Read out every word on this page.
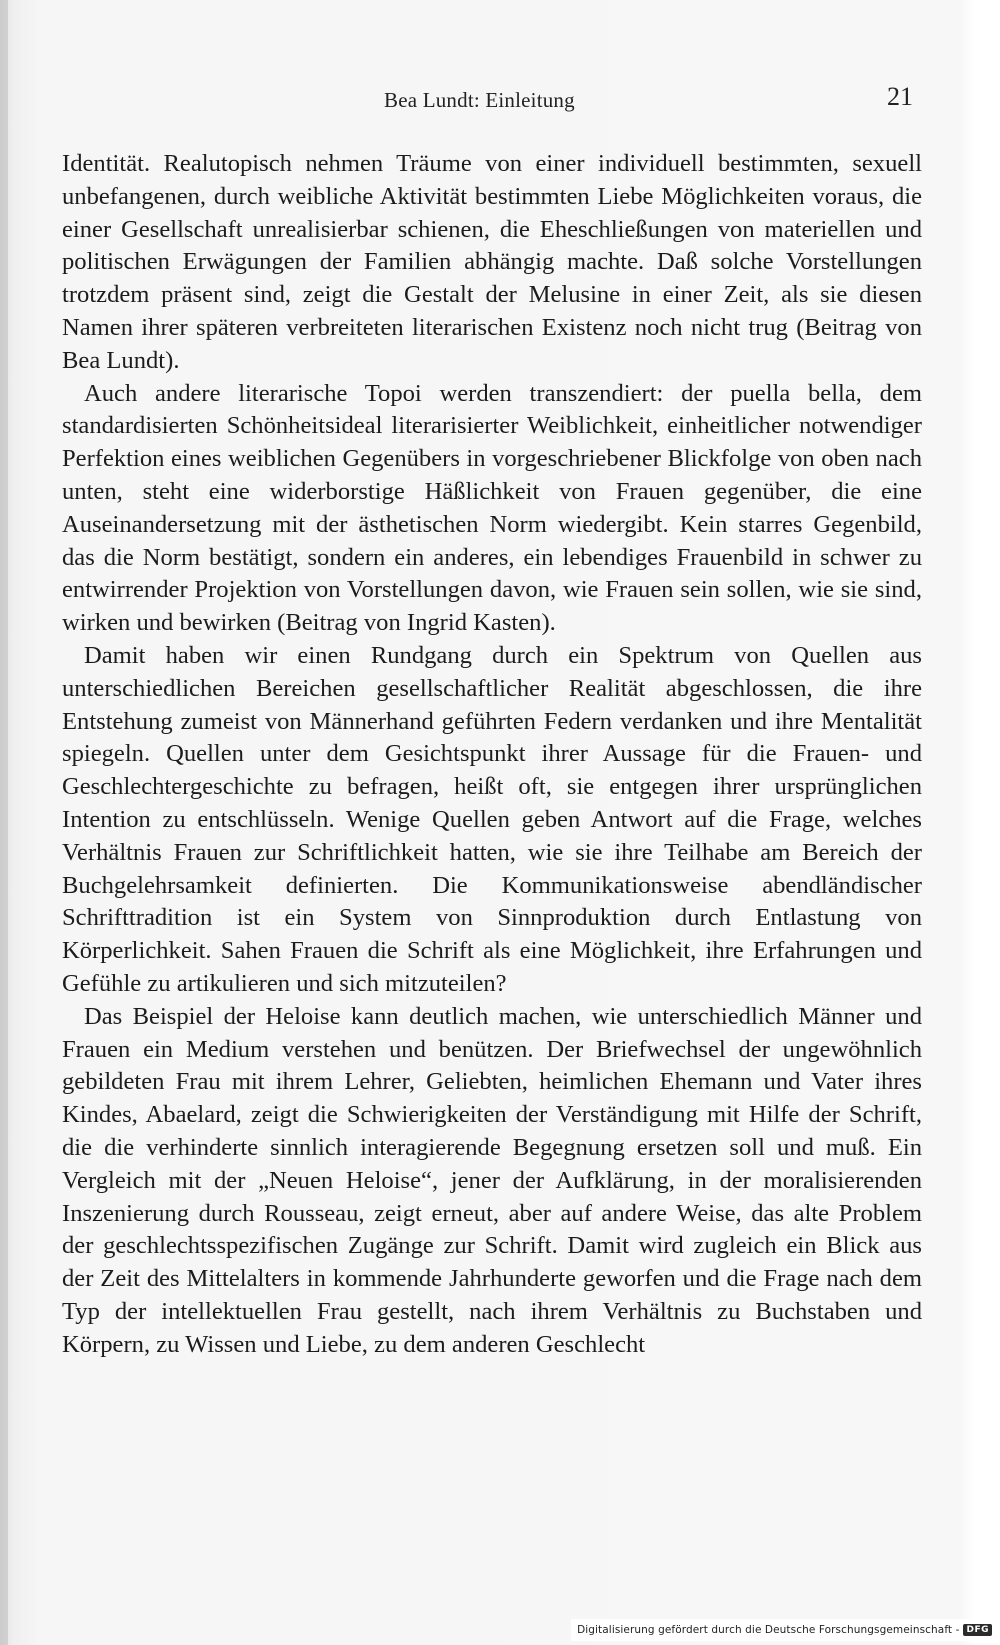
Bea Lundt: Einleitung	21

Identität. Realutopisch nehmen Träume von einer individuell bestimmten, sexuell unbefangenen, durch weibliche Aktivität bestimmten Liebe Möglichkeiten voraus, die einer Gesellschaft unrealisierbar schienen, die Eheschließungen von materiellen und politischen Erwägungen der Familien abhängig machte. Daß solche Vorstellungen trotzdem präsent sind, zeigt die Gestalt der Melusine in einer Zeit, als sie diesen Namen ihrer späteren verbreiteten literarischen Existenz noch nicht trug (Beitrag von Bea Lundt).

Auch andere literarische Topoi werden transzendiert: der puella bella, dem standardisierten Schönheitsideal literarisierter Weiblichkeit, einheitlicher notwendiger Perfektion eines weiblichen Gegenübers in vorgeschriebener Blickfolge von oben nach unten, steht eine widerborstige Häßlichkeit von Frauen gegenüber, die eine Auseinandersetzung mit der ästhetischen Norm wiedergibt. Kein starres Gegenbild, das die Norm bestätigt, sondern ein anderes, ein lebendiges Frauenbild in schwer zu entwirrender Projektion von Vorstellungen davon, wie Frauen sein sollen, wie sie sind, wirken und bewirken (Beitrag von Ingrid Kasten).

Damit haben wir einen Rundgang durch ein Spektrum von Quellen aus unterschiedlichen Bereichen gesellschaftlicher Realität abgeschlossen, die ihre Entstehung zumeist von Männerhand geführten Federn verdanken und ihre Mentalität spiegeln. Quellen unter dem Gesichtspunkt ihrer Aussage für die Frauen- und Geschlechtergeschichte zu befragen, heißt oft, sie entgegen ihrer ursprünglichen Intention zu entschlüsseln. Wenige Quellen geben Antwort auf die Frage, welches Verhältnis Frauen zur Schriftlichkeit hatten, wie sie ihre Teilhabe am Bereich der Buchgelehrsamkeit definierten. Die Kommunikationsweise abendländischer Schrifttradition ist ein System von Sinnproduktion durch Entlastung von Körperlichkeit. Sahen Frauen die Schrift als eine Möglichkeit, ihre Erfahrungen und Gefühle zu artikulieren und sich mitzuteilen?

Das Beispiel der Heloise kann deutlich machen, wie unterschiedlich Männer und Frauen ein Medium verstehen und benützen. Der Briefwechsel der ungewöhnlich gebildeten Frau mit ihrem Lehrer, Geliebten, heimlichen Ehemann und Vater ihres Kindes, Abaelard, zeigt die Schwierigkeiten der Verständigung mit Hilfe der Schrift, die die verhinderte sinnlich interagierende Begegnung ersetzen soll und muß. Ein Vergleich mit der „Neuen Heloise“, jener der Aufklärung, in der moralisierenden Inszenierung durch Rousseau, zeigt erneut, aber auf andere Weise, das alte Problem der geschlechtsspezifischen Zugänge zur Schrift. Damit wird zugleich ein Blick aus der Zeit des Mittelalters in kommende Jahrhunderte geworfen und die Frage nach dem Typ der intellektuellen Frau gestellt, nach ihrem Verhältnis zu Buchstaben und Körpern, zu Wissen und Liebe, zu dem anderen Geschlecht

Digitalisierung gefördert durch die Deutsche Forschungsgemeinschaft - DFG
